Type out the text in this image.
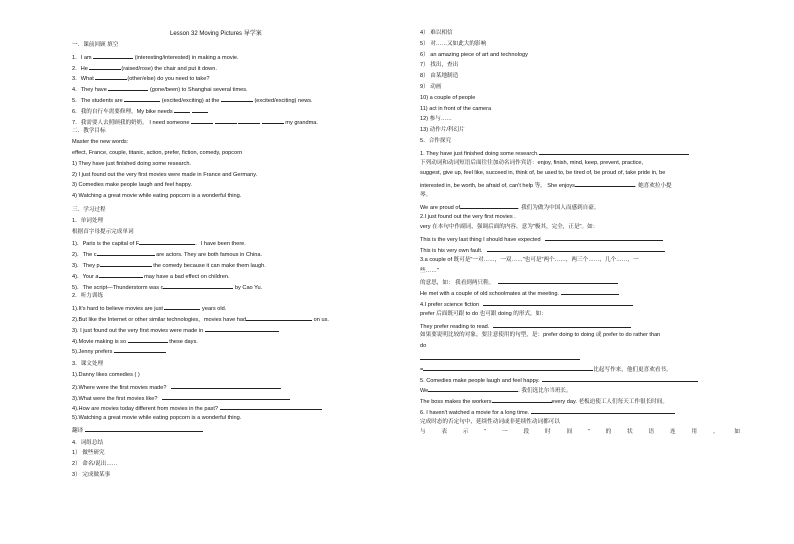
Lesson 32 Moving Pictures 导学案
一．课前回顾 填空
1．I am	(interesting/interested) in making a movie.
2．He	(raised/rose) the chair and put it down.
3．What	(other/else) do you need to take?
4．They have	(gone/been) to Shanghai several times.
5．The students are	(excited/exciting) at the	(excited/exciting) news.
6．我的自行车需要修理。My bike needs
7．我需要人去照顾我的奶奶。 I need someone	my grandma.
二．教学目标
Master the new words:
effect, France, couple, titanic, action, prefer, fiction, comedy, popcorn
1) They have just finished doing some research.
2) I just found out the very first movies were made in France and Germany.
3) Comedies make people laugh and feel happy.
4) Watching a great movie while eating popcorn is a wonderful thing.
三．学习过程
1．单词处理
根据首字母提示完成单词
1)．Paris is the capital of F	．I have been there.
2)．The c	are actors. They are both famous in China.
3)．They p	the comedy because it can make them laugh.
4)．Your a	may have a bad effect on children.
5)．The script—Thunderstorm was c	by Cao Yu.
2．听力训练
1).It's hard to believe movies are just	years old.
2).But like the Internet or other similar technologies，movies have had	on us.
3). I just found out the very first movies were made in
4).Movie making is so	these days.
5).Jenny prefers
3．课文处理
1).Danny likes comedies ( )
2).Where were the first movies made?
3).What were the first movies like?
4).How are movies today different from movies in the past?
5).Watching a great movie while eating popcorn is a wonderful thing.
翻译
4．词组总结
1） 做些研究
2） 命名/说出……
3） 完成做某事
4） 难以相信
5） 对……又如此大的影响
6） an amazing piece of art and technology
7） 找出，查出
8） 由某地制造
9） 动画
10) a couple of people
11) act in front of the camera
12) 参与……
13) 动作片/科幻片
5．合作探究
1. They have just finished doing some research.
下列动词和动词短语后面往往加动名词作宾语：enjoy, finish, mind, keep, prevent, practice,
suggest, give up, feel like, succeed in, think of, be used to, be tired of, be proud of, take pride in, be
interested in, be worth, be afraid of, can't help 等。 She enjoys	. 她喜欢拉小提
琴。
We are proud of	. 我们为做为中国人而感到自豪。
2.I just found out the very first movies .
very 在本句中作副词，强调后面的内容，意为"极其，完全，正是"。如：
This is the very last thing I should have expected
This is his very own fault.
3.a couple of 既可是"一对……，一双……"也可是"两个……，两三个……，几个……，一
些……"
的意思，如： 我看到两只鞋。
He met with a couple of old schoolmates at the meeting.
4.I prefer science fiction
prefer 后面既可跟 to do 也可跟 doing 的形式，如：
They prefer reading to read.
如果要说明比较的对象，要注意使用的句型，是：prefer doing to doing 或 prefer to do rather than
do
=	比起写作来，他们更喜欢看书。
5. Comedies make people laugh and feel happy.
We	. 我们选比尔当班长。
The boss makes the workers	every day. 老板迫使工人们每天工作很长时间。
6. I haven't watched a movie for a long time.
完成时态的否定句中，延续性动词或非延续性动词都可以
与	表	示	“	一	段	时	间	”	的	状	语	连	用	。	如
